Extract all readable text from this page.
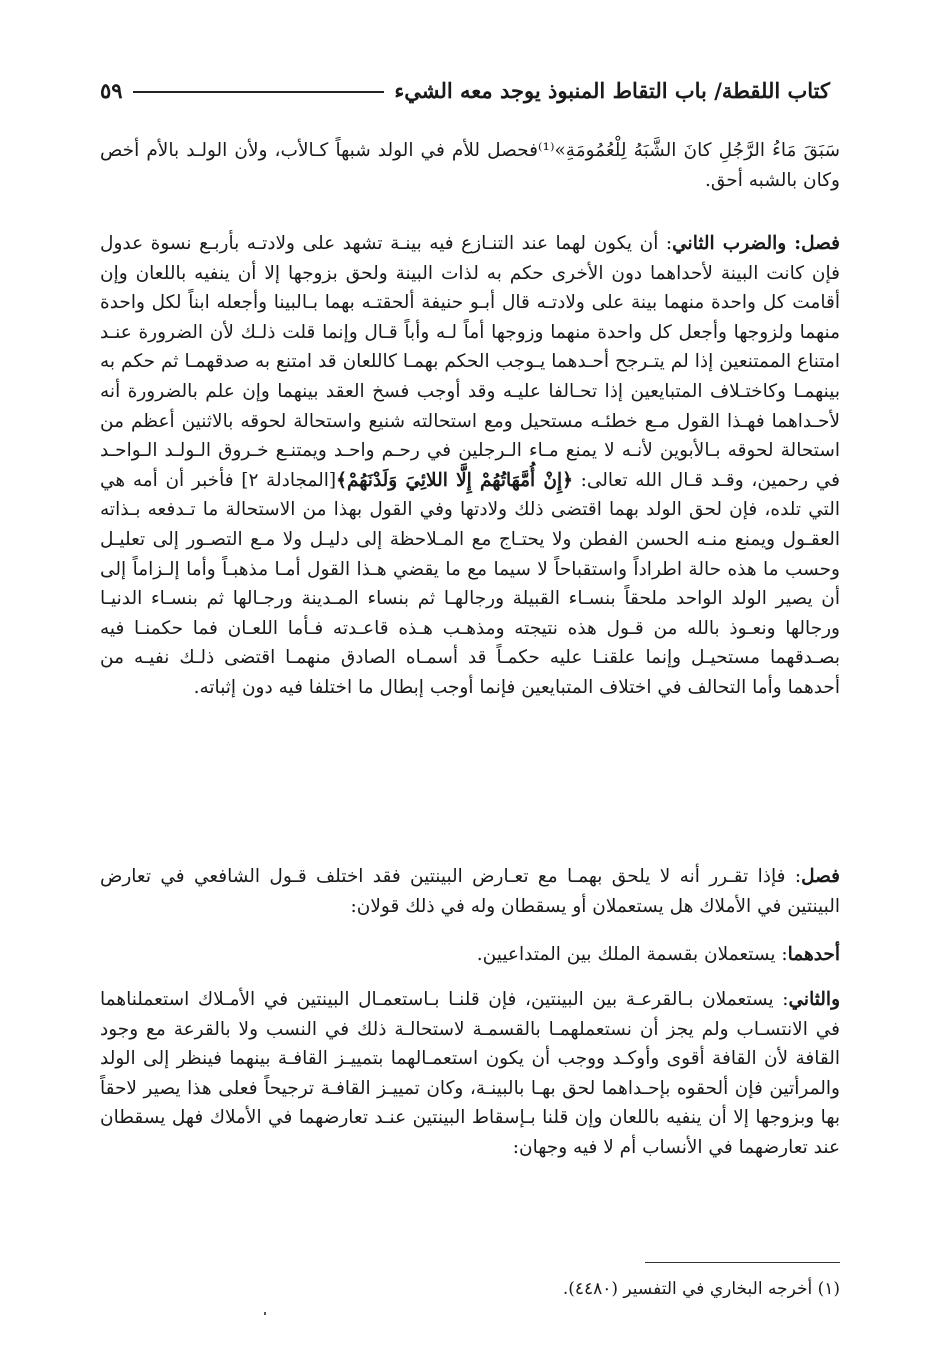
كتاب اللقطة/ باب التقاط المنبوذ يوجد معه الشيء
٥٩

سَبَقَ مَاءُ الرَّجُلِ كانَ الشَّبَهُ لِلْعُمُومَةِ»⁽¹⁾فحصل للأم في الولد شبهاً كـالأب، ولأن الولـد بالأم أخص وكان بالشبه أحق.

فصل: والضرب الثاني: أن يكون لهما عند التنـازع فيه بينـة تشهد على ولادتـه بأربـع نسوة عدول فإن كانت البينة لأحداهما دون الأخرى حكم به لذات البينة ولحق بزوجها إلا أن ينفيه باللعان وإن أقامت كل واحدة منهما بينة على ولادتـه قال أبـو حنيفة ألحقتـه بهما بـالبينا وأجعله ابناً لكل واحدة منهما ولزوجها وأجعل كل واحدة منهما وزوجها أماً لـه وأباً قـال وإنما قلت ذلـك لأن الضرورة عنـد امتناع الممتنعين إذا لم يتـرجح أحـدهما يـوجب الحكم بهمـا كاللعان قد امتنع به صدقهمـا ثم حكم به بينهمـا وكاختـلاف المتبايعين إذا تحـالفا عليـه وقد أوجب فسخ العقد بينهما وإن علم بالضرورة أنه لأحـداهما فهـذا القول مـع خطئـه مستحيل ومع استحالته شنيع واستحالة لحوقه بالاثنين أعظم من استحالة لحوقه بـالأبوين لأنـه لا يمنع مـاء الـرجلين في رحـم واحـد ويمتنـع خـروق الـولـد الـواحـد في رحمين، وقـد قـال الله تعالى: ﴿إِنْ أُمَّهَاتُهُمْ إِلَّا اللائِيَ وَلَدْنَهُمْ﴾[المجادلة ٢] فأخبر أن أمه هي التي تلده، فإن لحق الولد بهما اقتضى ذلك ولادتها وفي القول بهذا من الاستحالة ما تـدفعه بـذاته العقـول ويمنع منـه الحسن الفطن ولا يحتـاج مع المـلاحظة إلى دليـل ولا مـع التصـور إلى تعليـل وحسب ما هذه حالة اطراداً واستقباحاً لا سيما مع ما يقضي هـذا القول أمـا مذهبـاً وأما إلـزاماً إلى أن يصير الولد الواحد ملحقاً بنسـاء القبيلة ورجالهـا ثم بنساء المـدينة ورجـالها ثم بنسـاء الدنيـا ورجالها ونعـوذ بالله من قـول هذه نتيجته ومذهـب هـذه قاعـدته فـأما اللعـان فما حكمنـا فيه بصـدقهما مستحيـل وإنما علقنـا عليه حكمـاً قد أسمـاه الصادق منهمـا اقتضى ذلـك نفيـه من أحدهما وأما التحالف في اختلاف المتبايعين فإنما أوجب إبطال ما اختلفا فيه دون إثباته.

فصل: فإذا تقـرر أنه لا يلحق بهمـا مع تعـارض البينتين فقد اختلف قـول الشافعي في تعارض البينتين في الأملاك هل يستعملان أو يسقطان وله في ذلك قولان:

أحدهما: يستعملان بقسمة الملك بين المتداعيين.

والثاني: يستعملان بـالقرعـة بين البينتين، فإن قلنـا بـاستعمـال البينتين في الأمـلاك استعملناهما في الانتسـاب ولم يجز أن نستعملهمـا بالقسمـة لاستحالـة ذلك في النسب ولا بالقرعة مع وجود القافة لأن القافة أقوى وأوكـد ووجب أن يكون استعمـالهما بتمييـز القافـة بينهما فينظر إلى الولد والمرأتين فإن ألحقوه بإحـداهما لحق بهـا بالبينـة، وكان تمييـز القافـة ترجيحاً فعلى هذا يصير لاحقاً بها وبزوجها إلا أن ينفيه باللعان وإن قلنا بـإسقاط البينتين عنـد تعارضهما في الأملاك فهل يسقطان عند تعارضهما في الأنساب أم لا فيه وجهان:

(١) أخرجه البخاري في التفسير (٤٤٨٠).
